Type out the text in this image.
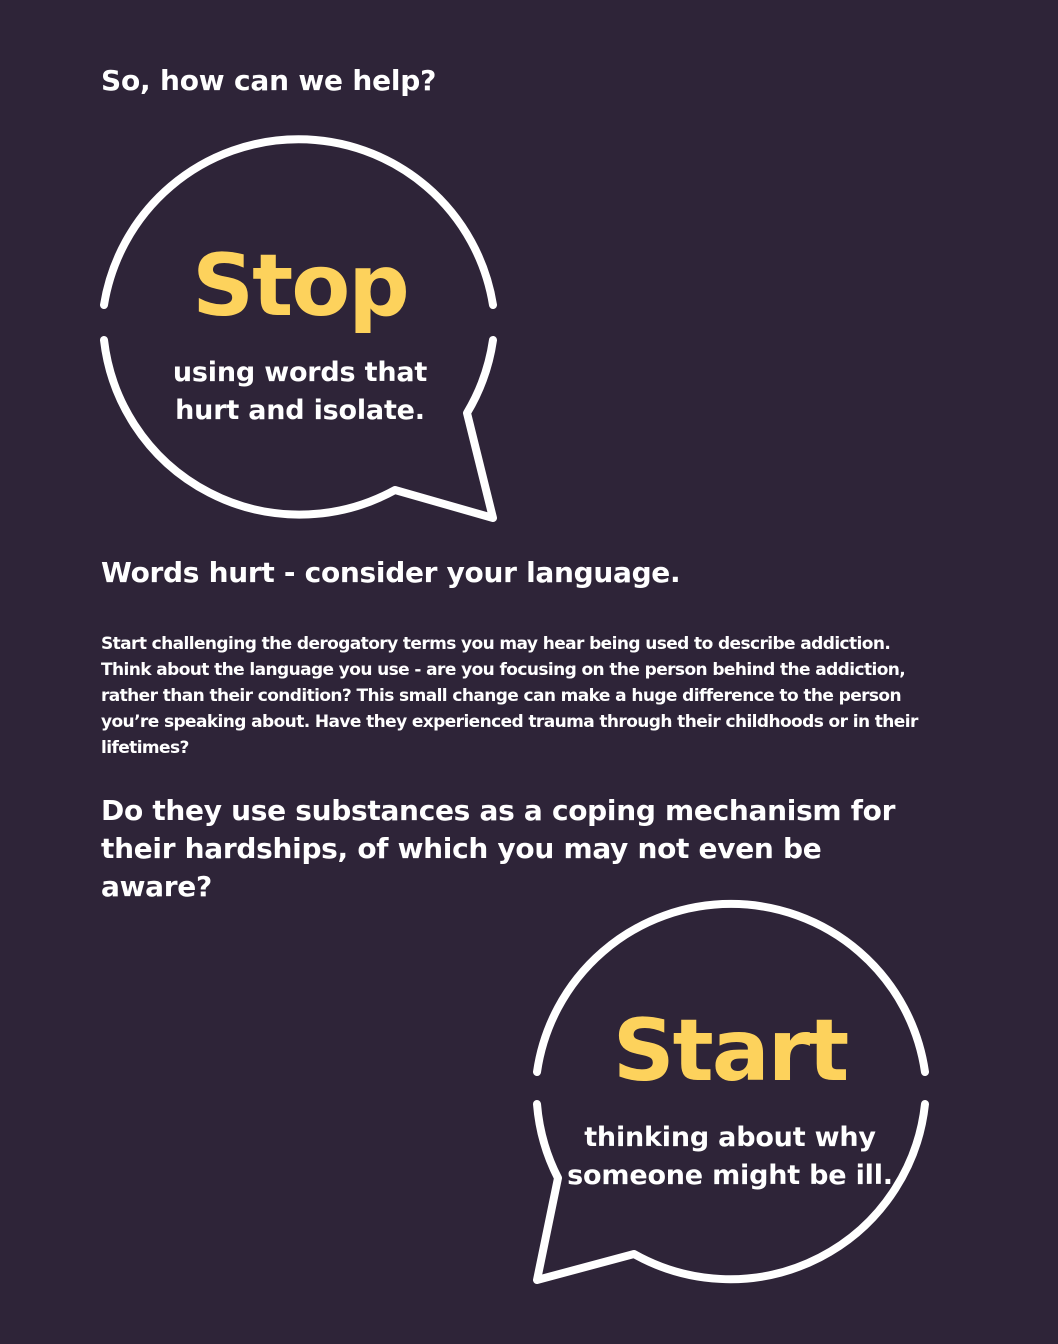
So, how can we help?
Stop
using words that hurt and isolate.
Words hurt - consider your language.

Start challenging the derogatory terms you may hear being used to describe addiction. Think about the language you use - are you focusing on the person behind the addiction, rather than their condition? This small change can make a huge difference to the person you’re speaking about. Have they experienced trauma through their childhoods or in their lifetimes?

Do they use substances as a coping mechanism for their hardships, of which you may not even be aware?
Start
thinking about why someone might be ill.
